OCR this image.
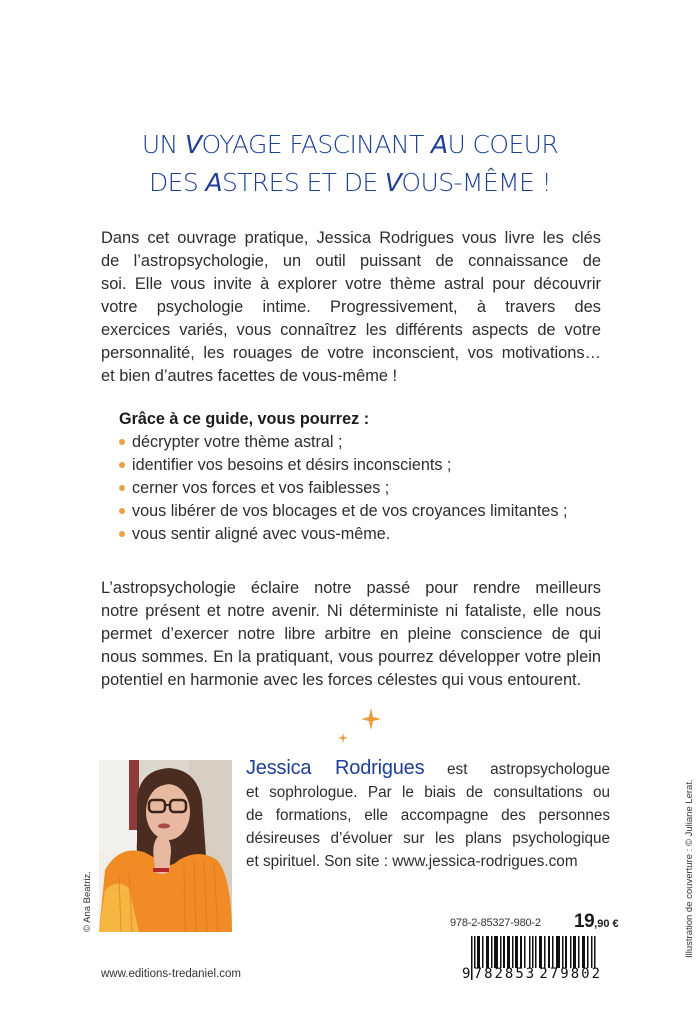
UN VOYAGE FASCINANT AU COEUR
DES ASTRES ET DE VOUS-MÊME !
Dans cet ouvrage pratique, Jessica Rodrigues vous livre les clés
de l’astropsychologie, un outil puissant de connaissance de
soi. Elle vous invite à explorer votre thème astral pour découvrir
votre psychologie intime. Progressivement, à travers des
exercices variés, vous connaîtrez les différents aspects de votre
personnalité, les rouages de votre inconscient, vos motivations…
et bien d’autres facettes de vous-même !
Grâce à ce guide, vous pourrez :
décrypter votre thème astral ;
identifier vos besoins et désirs inconscients ;
cerner vos forces et vos faiblesses ;
vous libérer de vos blocages et de vos croyances limitantes ;
vous sentir aligné avec vous-même.
L’astropsychologie éclaire notre passé pour rendre meilleurs
notre présent et notre avenir. Ni déterministe ni fataliste, elle nous
permet d’exercer notre libre arbitre en pleine conscience de qui
nous sommes. En la pratiquant, vous pourrez développer votre plein
potentiel en harmonie avec les forces célestes qui vous entourent.
© Ana Beatriz.
Jessica Rodrigues est astropsychologue
et sophrologue. Par le biais de consultations ou
de formations, elle accompagne des personnes
désireuses d’évoluer sur les plans psychologique
et spirituel. Son site : www.jessica-rodrigues.com	Illustration de couverture : © Juliane Lerat.
978-2-85327-980-2 19,90 €
9 782853 279802
www.editions-tredaniel.com
